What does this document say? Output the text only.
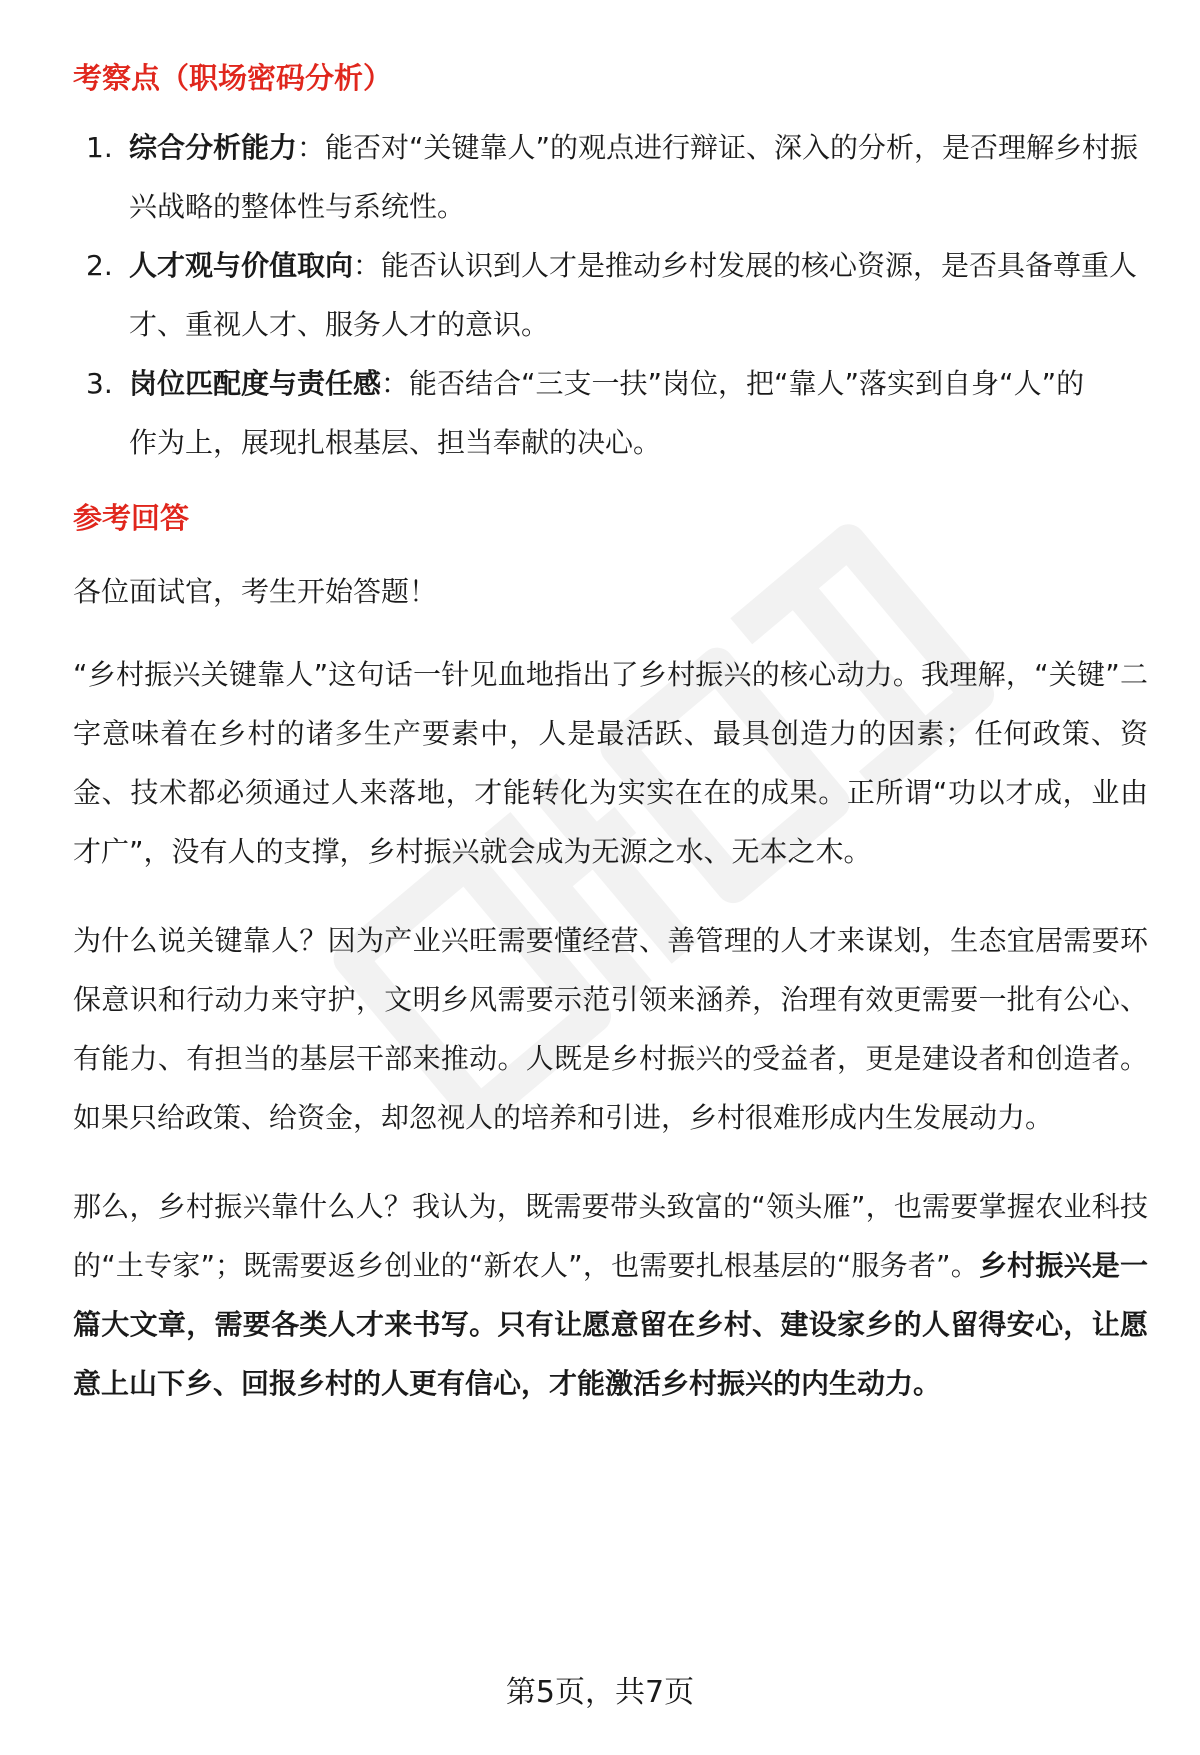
考察点（职场密码分析）
1. 综合分析能力：能否对“关键靠人”的观点进行辩证、深入的分析，是否理解乡村振兴战略的整体性与系统性。
2. 人才观与价值取向：能否认识到人才是推动乡村发展的核心资源，是否具备尊重人才、重视人才、服务人才的意识。
3. 岗位匹配度与责任感：能否结合“三支一扶”岗位，把“靠人”落实到自身“人”的作为上，展现扎根基层、担当奉献的决心。
参考回答

各位面试官，考生开始答题！

“乡村振兴关键靠人”这句话一针见血地指出了乡村振兴的核心动力。我理解，“关键”二字意味着在乡村的诸多生产要素中，人是最活跃、最具创造力的因素；任何政策、资金、技术都必须通过人来落地，才能转化为实实在在的成果。正所谓“功以才成，业由才广”，没有人的支撑，乡村振兴就会成为无源之水、无本之木。

为什么说关键靠人？因为产业兴旺需要懂经营、善管理的人才来谋划，生态宜居需要环保意识和行动力来守护，文明乡风需要示范引领来涵养，治理有效更需要一批有公心、有能力、有担当的基层干部来推动。人既是乡村振兴的受益者，更是建设者和创造者。如果只给政策、给资金，却忽视人的培养和引进，乡村很难形成内生发展动力。

那么，乡村振兴靠什么人？我认为，既需要带头致富的“领头雁”，也需要掌握农业科技的“土专家”；既需要返乡创业的“新农人”，也需要扎根基层的“服务者”。乡村振兴是一篇大文章，需要各类人才来书写。只有让愿意留在乡村、建设家乡的人留得安心，让愿意上山下乡、回报乡村的人更有信心，才能激活乡村振兴的内生动力。

第5页，共7页
